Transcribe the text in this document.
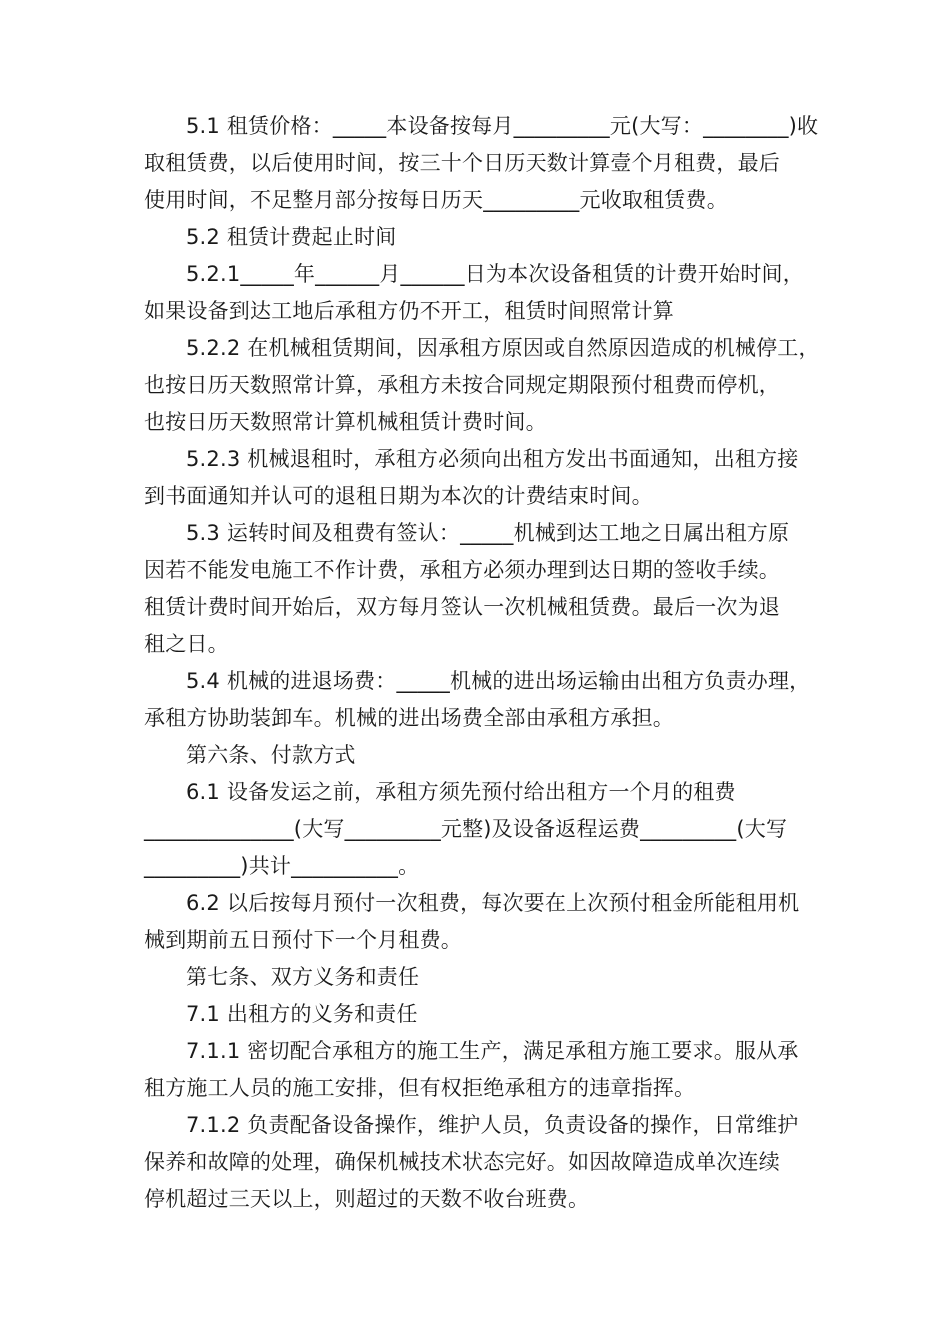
5.1 租赁价格：_____本设备按每月_________元(大写：________)收
取租赁费，以后使用时间，按三十个日历天数计算壹个月租费，最后
使用时间，不足整月部分按每日历天_________元收取租赁费。
5.2 租赁计费起止时间
5.2.1_____年______月______日为本次设备租赁的计费开始时间，
如果设备到达工地后承租方仍不开工，租赁时间照常计算
5.2.2 在机械租赁期间，因承租方原因或自然原因造成的机械停工，
也按日历天数照常计算，承租方未按合同规定期限预付租费而停机，
也按日历天数照常计算机械租赁计费时间。
5.2.3 机械退租时，承租方必须向出租方发出书面通知，出租方接
到书面通知并认可的退租日期为本次的计费结束时间。
5.3 运转时间及租费有签认：_____机械到达工地之日属出租方原
因若不能发电施工不作计费，承租方必须办理到达日期的签收手续。
租赁计费时间开始后，双方每月签认一次机械租赁费。最后一次为退
租之日。
5.4 机械的进退场费：_____机械的进出场运输由出租方负责办理，
承租方协助装卸车。机械的进出场费全部由承租方承担。
第六条、付款方式
6.1 设备发运之前，承租方须先预付给出租方一个月的租费
______________(大写_________元整)及设备返程运费_________(大写
_________)共计__________。
6.2 以后按每月预付一次租费，每次要在上次预付租金所能租用机
械到期前五日预付下一个月租费。
第七条、双方义务和责任
7.1 出租方的义务和责任
7.1.1 密切配合承租方的施工生产，满足承租方施工要求。服从承
租方施工人员的施工安排，但有权拒绝承租方的违章指挥。
7.1.2 负责配备设备操作，维护人员，负责设备的操作，日常维护
保养和故障的处理，确保机械技术状态完好。如因故障造成单次连续
停机超过三天以上，则超过的天数不收台班费。
